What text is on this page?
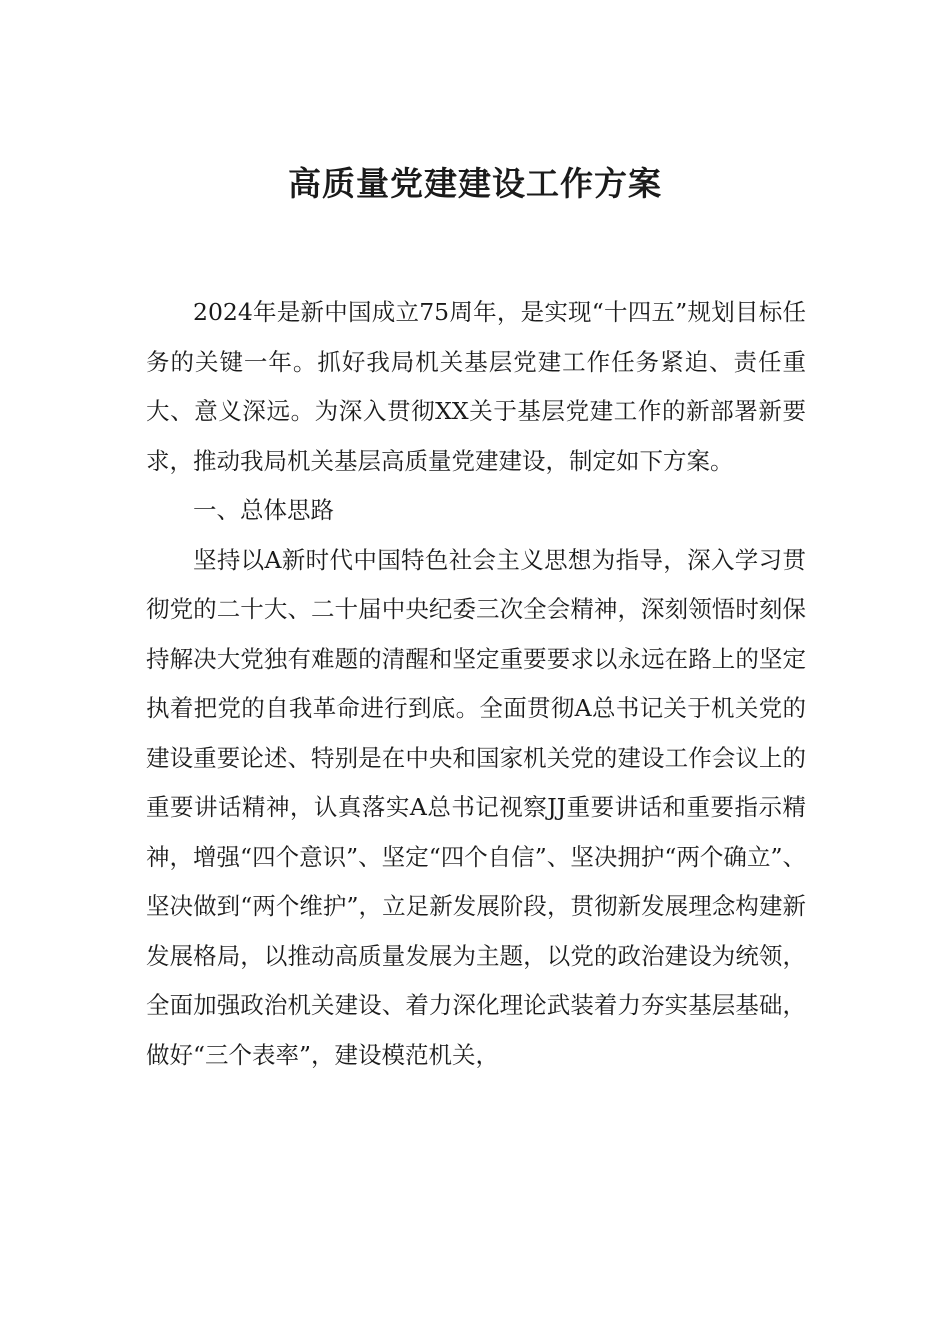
高质量党建建设工作方案

2024年是新中国成立75周年，是实现“十四五”规划目标任务的关键一年。抓好我局机关基层党建工作任务紧迫、责任重大、意义深远。为深入贯彻XX关于基层党建工作的新部署新要求，推动我局机关基层高质量党建建设，制定如下方案。

一、总体思路

坚持以A新时代中国特色社会主义思想为指导，深入学习贯彻党的二十大、二十届中央纪委三次全会精神，深刻领悟时刻保持解决大党独有难题的清醒和坚定重要要求以永远在路上的坚定执着把党的自我革命进行到底。全面贯彻A总书记关于机关党的建设重要论述、特别是在中央和国家机关党的建设工作会议上的重要讲话精神，认真落实A总书记视察JJ重要讲话和重要指示精神，增强“四个意识”、坚定“四个自信”、坚决拥护“两个确立”、坚决做到“两个维护”，立足新发展阶段，贯彻新发展理念构建新发展格局，以推动高质量发展为主题，以党的政治建设为统领，全面加强政治机关建设、着力深化理论武装着力夯实基层基础，做好“三个表率”，建设模范机关，
